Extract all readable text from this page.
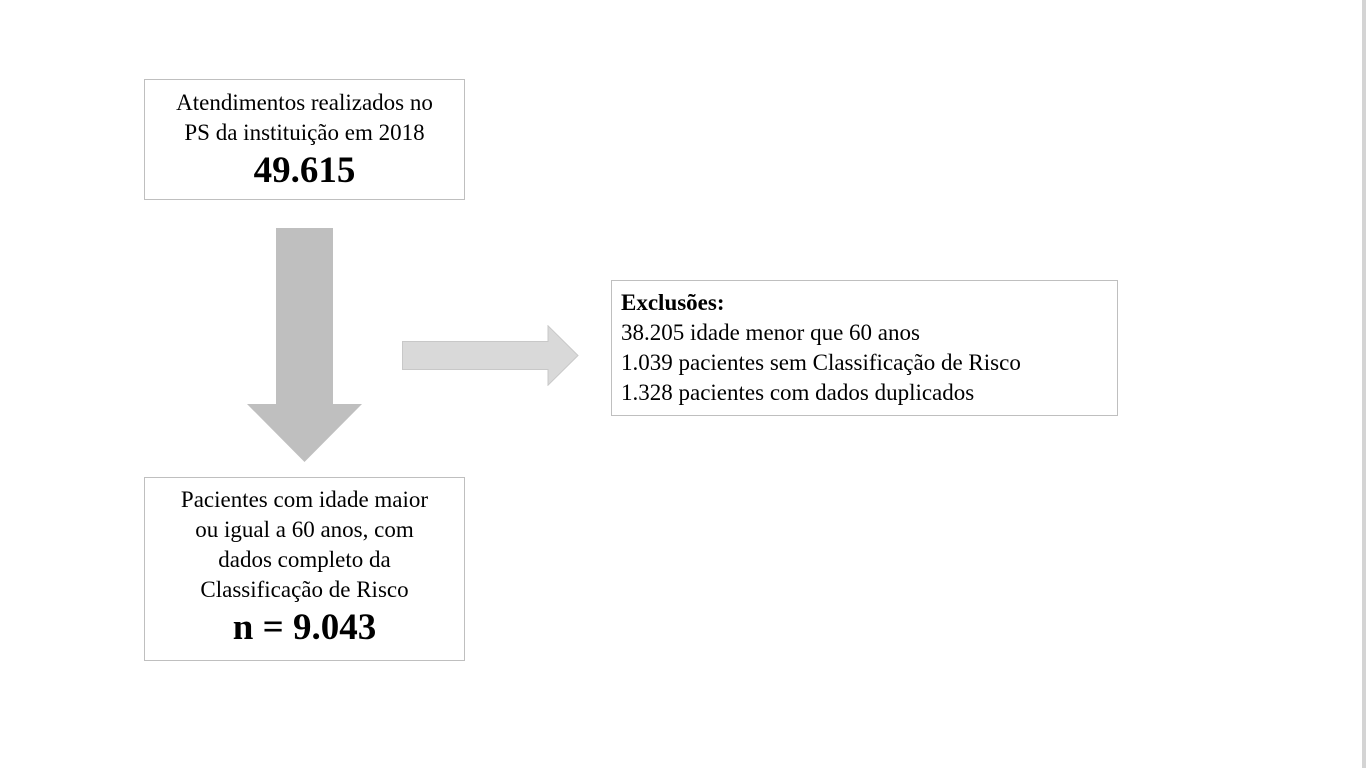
Atendimentos realizados no
PS da instituição em 2018
49.615
Exclusões:
38.205 idade menor que 60 anos
1.039 pacientes sem Classificação de Risco
1.328 pacientes com dados duplicados
Pacientes com idade maior
ou igual a 60 anos, com
dados completo da
Classificação de Risco
n = 9.043
